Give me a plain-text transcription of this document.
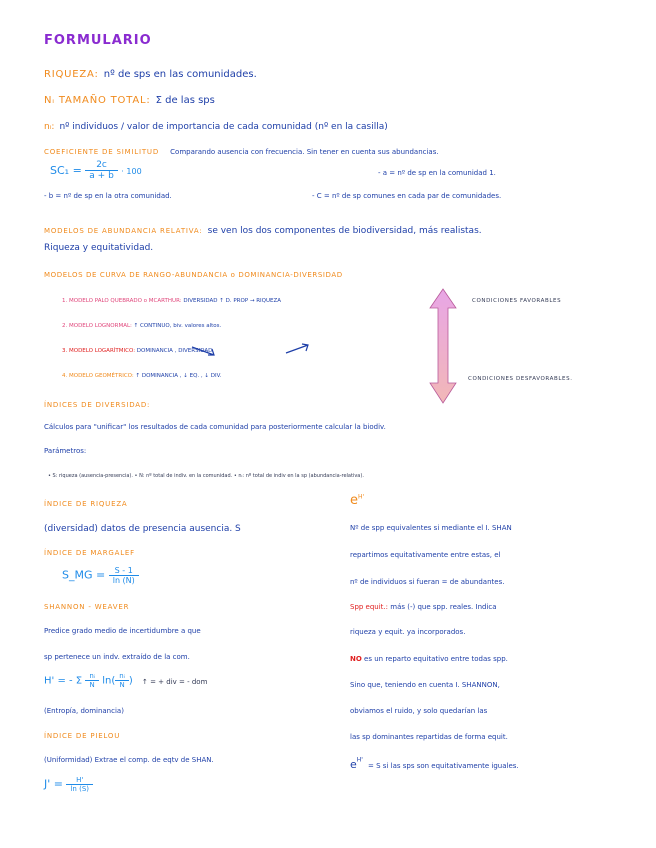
FORMULARIO
RIQUEZA: nº de sps en las comunidades.
Nᵢ TAMAÑO TOTAL: Σ de las sps
nᵢ: nº individuos / valor de importancia de cada comunidad (nº en la casilla)
COEFICIENTE DE SIMILITUD Comparando ausencia con frecuencia. Sin tener en cuenta sus abundancias.
$SC_1 = \frac{2c}{a + b} \cdot 100$	- a = nº de sp en la comunidad 1.
- b = nº de sp en la otra comunidad.	- C = nº de sp comunes en cada par de comunidades.
MODELOS DE ABUNDANCIA RELATIVA: se ven los dos componentes de biodiversidad, más realistas.
Riqueza y equitatividad.
MODELOS DE CURVA DE RANGO-ABUNDANCIA o DOMINANCIA-DIVERSIDAD
1. MODELO PALO QUEBRADO o MCARTHUR: DIVERSIDAD ↑ D. PROP → RIQUEZA
2. MODELO LOGNORMAL: ↑ CONTINUO, biv. valores altos.
3. MODELO LOGARÍTMICO: DOMINANCIA , DIVERSIDAD
4. MODELO GEOMÉTRICO: ↑ DOMINANCIA , ↓ EQ. , ↓ DIV.
CONDICIONES FAVORABLES
CONDICIONES DESFAVORABLES.
ÍNDICES DE DIVERSIDAD:
Cálculos para "unificar" los resultados de cada comunidad para posteriormente calcular la biodiv.
Parámetros:
• S: riqueza (ausencia-presencia). • N: nº total de indiv. en la comunidad. • nᵢ: nº total de indiv en la sp (abundancia-relativa).
ÍNDICE DE RIQUEZA
(diversidad) datos de presencia ausencia. S
ÍNDICE DE MARGALEF
S_MG = $\frac{S - 1}{\ln (N)}$
SHANNON - WEAVER
Predice grado medio de incertidumbre a que
sp pertenece un indv. extraído de la com.
H' = - Σ $\frac{\text{nᵢ}}{N} \ln( \frac{\text{nᵢ}}{N}$ ) ↑ = + div = - dom
(Entropía, dominancia)
ÍNDICE DE PIELOU
(Uniformidad) Extrae el comp. de eqtv de SHAN.
$J' = \frac{H'}{\ln (S)}$
$e^{H'}$
Nº de spp equivalentes si mediante el I. SHAN
repartimos equitativamente entre estas, el
nº de individuos si fueran = de abundantes.
Spp equit.: más (-) que spp. reales. Indica
riqueza y equit. ya incorporados.
NO es un reparto equitativo entre todas spp.
Sino que, teniendo en cuenta I. SHANNON,
obviamos el ruido, y solo quedarían las
las sp dominantes repartidas de forma equit.
$e^{H'} = S$ si las sps son equitativamente iguales.
